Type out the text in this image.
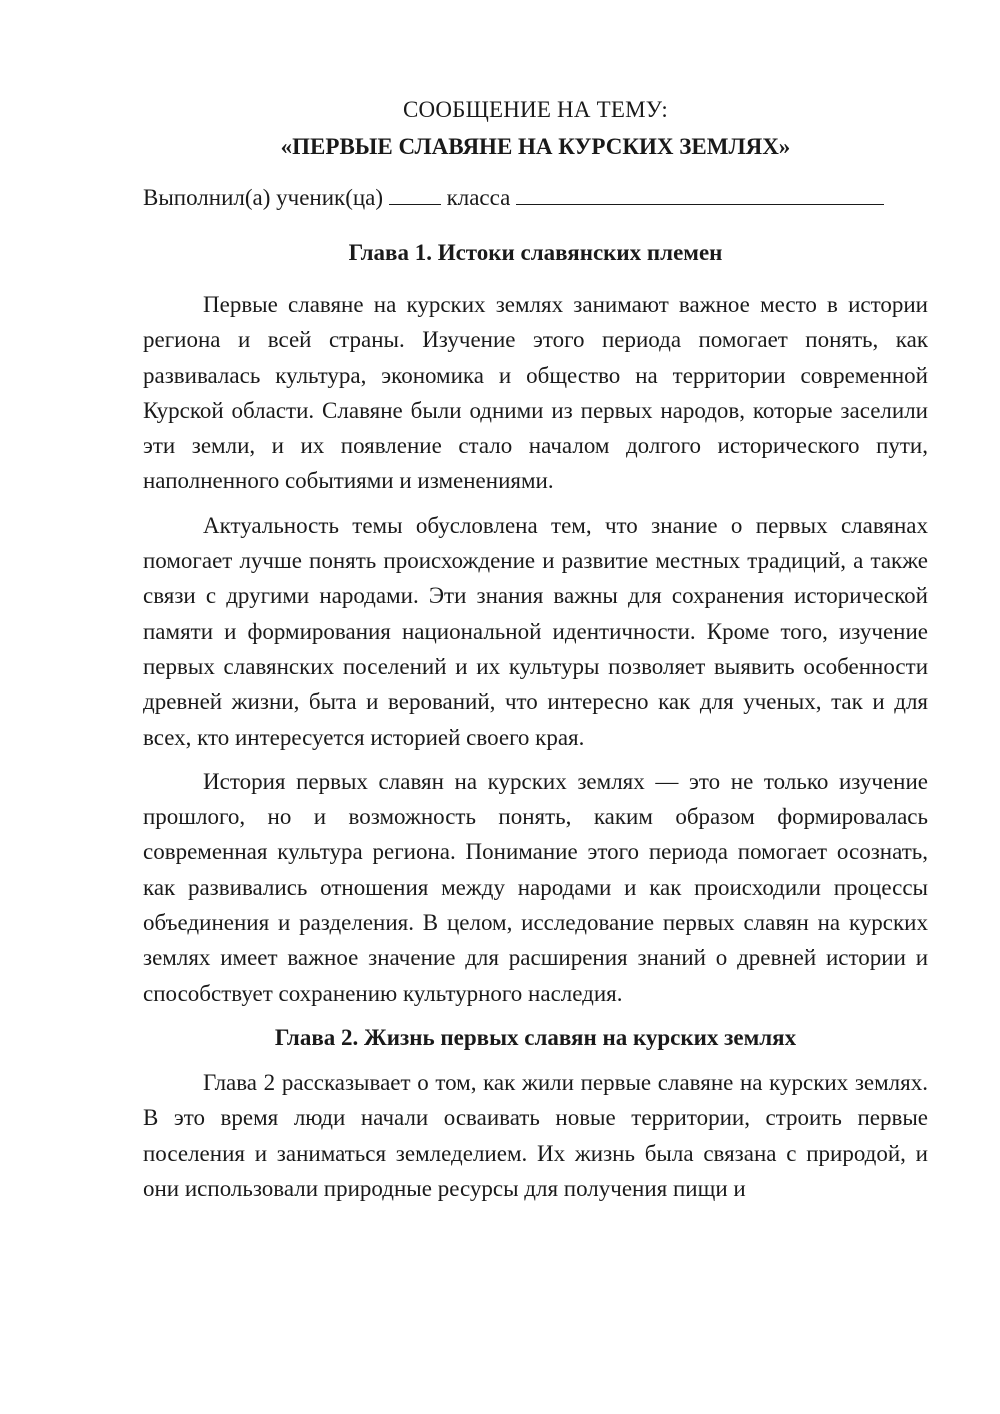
СООБЩЕНИЕ НА ТЕМУ:

«ПЕРВЫЕ СЛАВЯНЕ НА КУРСКИХ ЗЕМЛЯХ»

Выполнил(а) ученик(ца)	класса

Глава 1. Истоки славянских племен

Первые славяне на курских землях занимают важное место в истории региона и всей страны. Изучение этого периода помогает понять, как развивалась культура, экономика и общество на территории современной Курской области. Славяне были одними из первых народов, которые заселили эти земли, и их появление стало началом долгого исторического пути, наполненного событиями и изменениями.

Актуальность темы обусловлена тем, что знание о первых славянах помогает лучше понять происхождение и развитие местных традиций, а также связи с другими народами. Эти знания важны для сохранения исторической памяти и формирования национальной идентичности. Кроме того, изучение первых славянских поселений и их культуры позволяет выявить особенности древней жизни, быта и верований, что интересно как для ученых, так и для всех, кто интересуется историей своего края.

История первых славян на курских землях — это не только изучение прошлого, но и возможность понять, каким образом формировалась современная культура региона. Понимание этого периода помогает осознать, как развивались отношения между народами и как происходили процессы объединения и разделения. В целом, исследование первых славян на курских землях имеет важное значение для расширения знаний о древней истории и способствует сохранению культурного наследия.

Глава 2. Жизнь первых славян на курских землях

Глава 2 рассказывает о том, как жили первые славяне на курских землях. В это время люди начали осваивать новые территории, строить первые поселения и заниматься земледелием. Их жизнь была связана с природой, и они использовали природные ресурсы для получения пищи и
